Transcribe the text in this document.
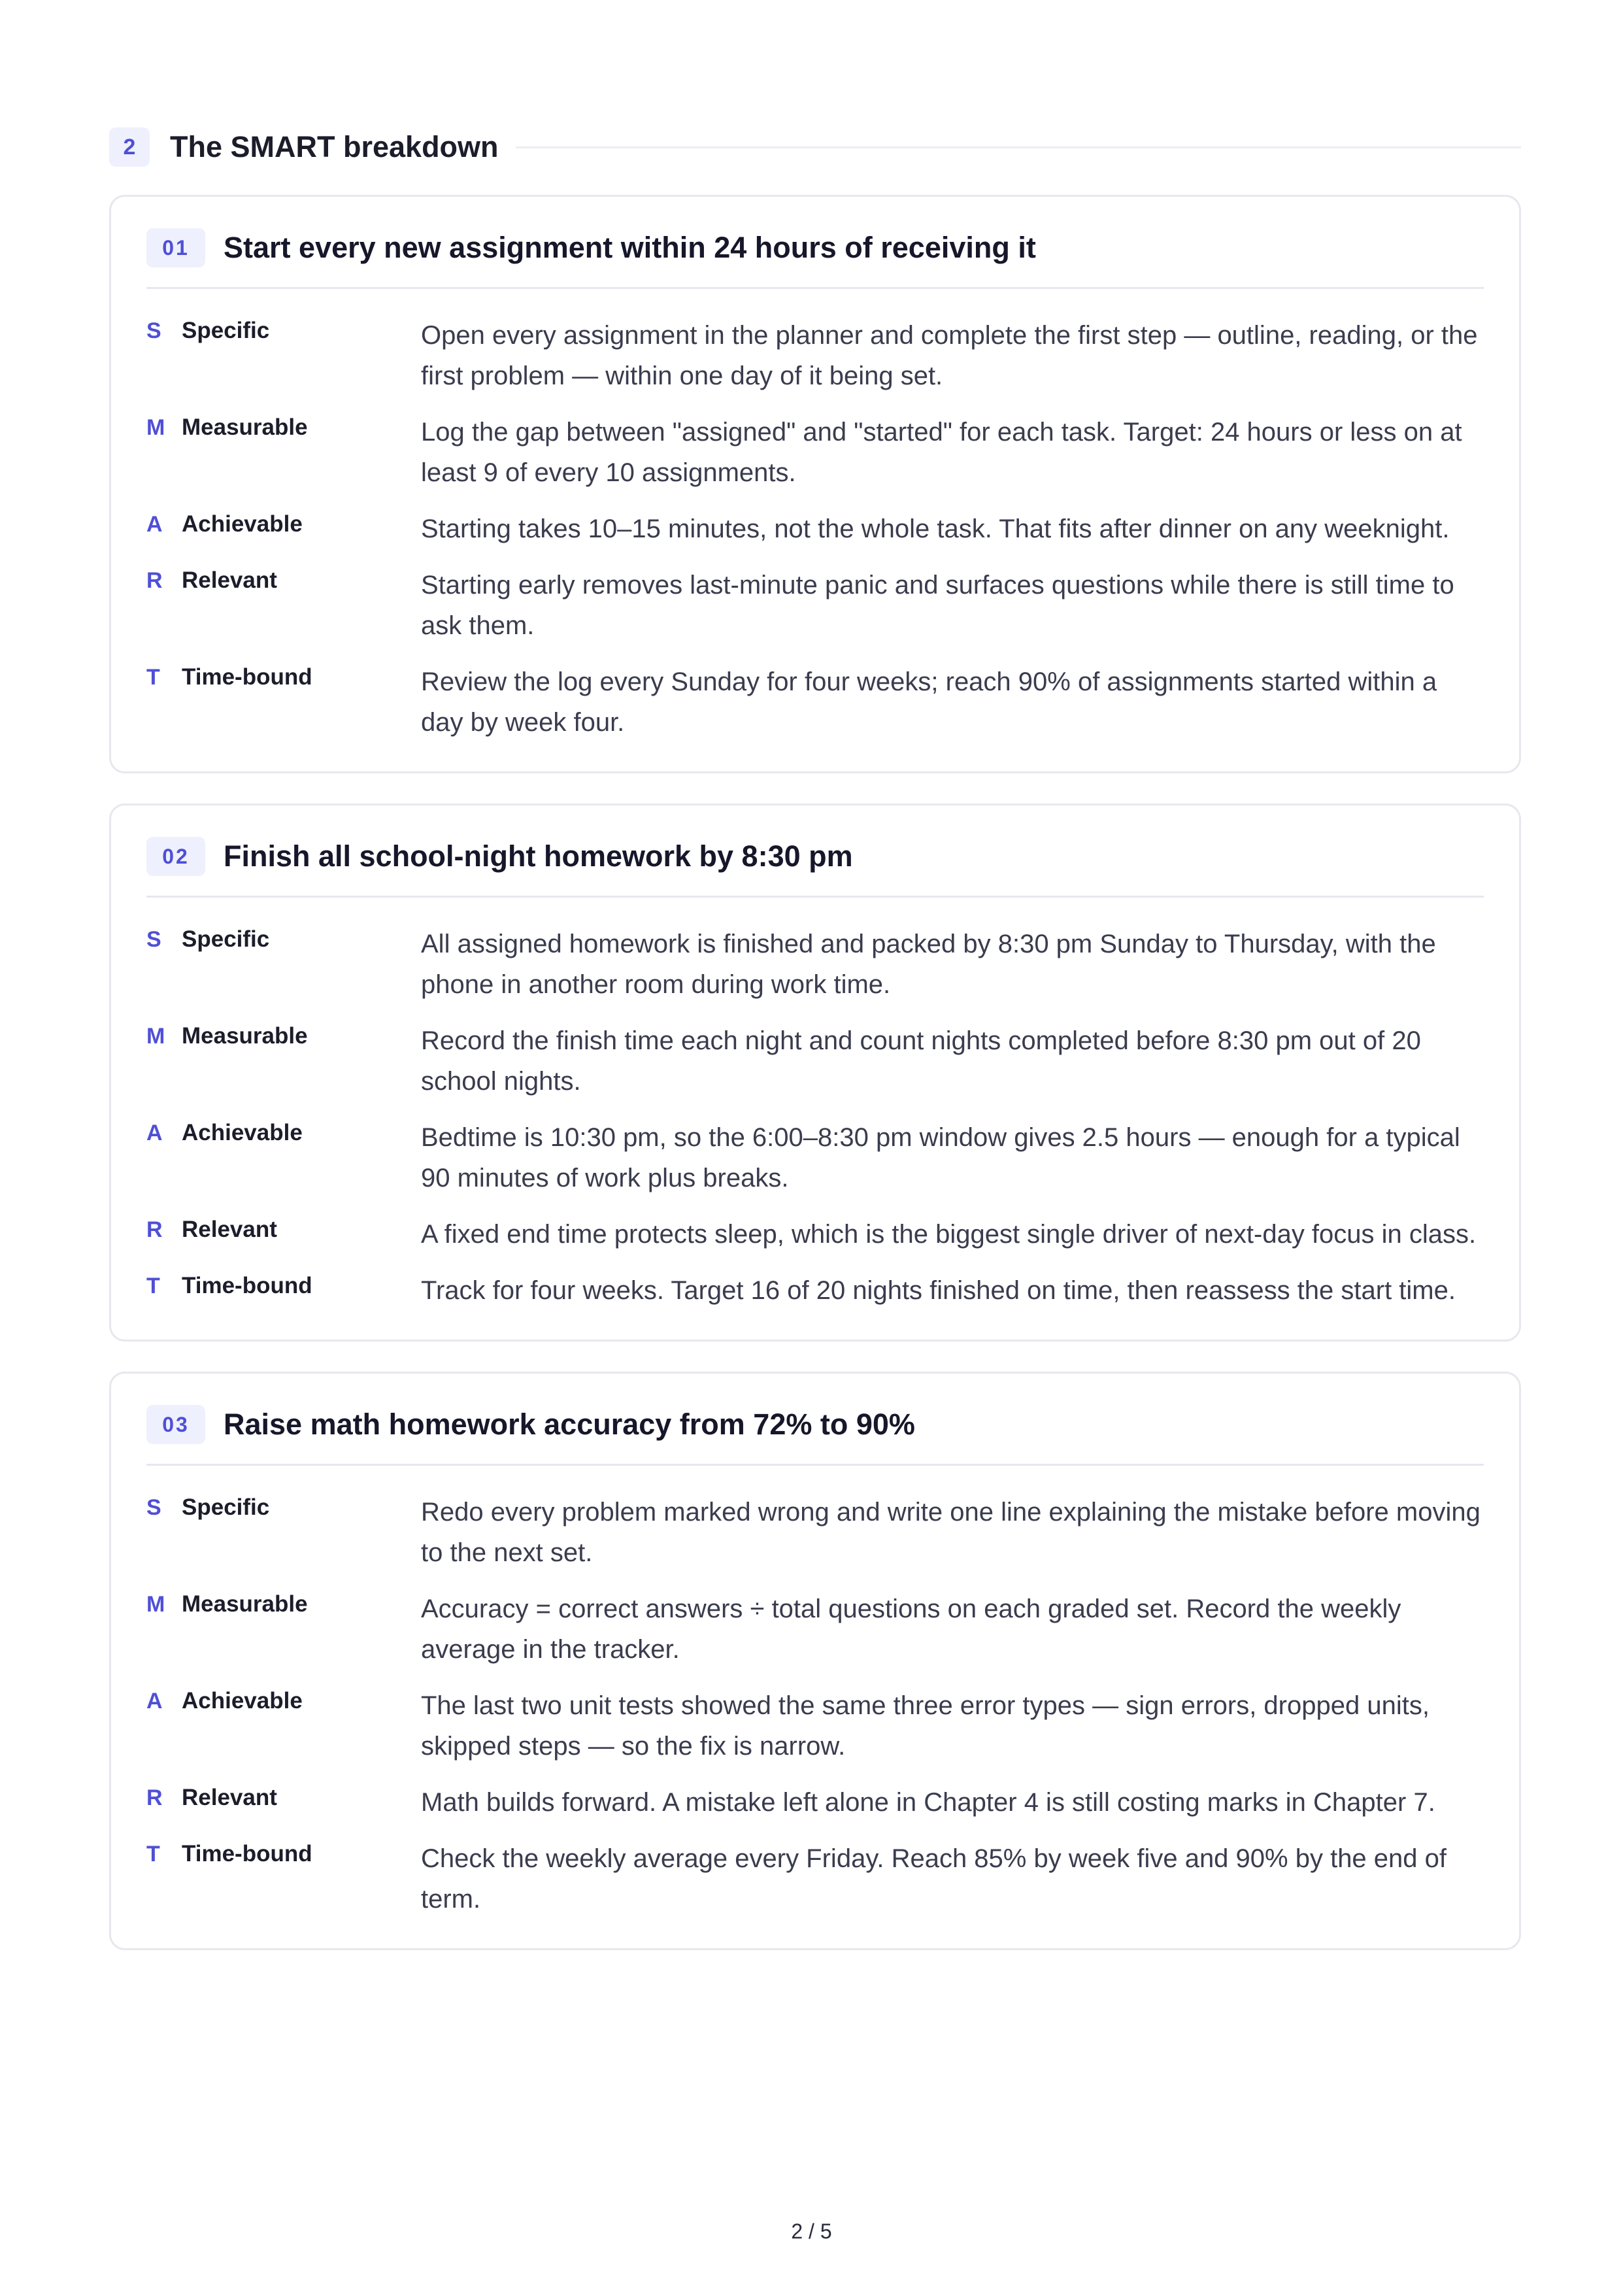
2	The SMART breakdown
01	Start every new assignment within 24 hours of receiving it
S Specific	Open every assignment in the planner and complete the first step — outline, reading, or the first problem — within one day of it being set.
M Measurable	Log the gap between "assigned" and "started" for each task. Target: 24 hours or less on at least 9 of every 10 assignments.
A Achievable	Starting takes 10–15 minutes, not the whole task. That fits after dinner on any weeknight.
R Relevant	Starting early removes last-minute panic and surfaces questions while there is still time to ask them.
T Time-bound	Review the log every Sunday for four weeks; reach 90% of assignments started within a day by week four.
02	Finish all school-night homework by 8:30 pm
S Specific	All assigned homework is finished and packed by 8:30 pm Sunday to Thursday, with the phone in another room during work time.
M Measurable	Record the finish time each night and count nights completed before 8:30 pm out of 20 school nights.
A Achievable	Bedtime is 10:30 pm, so the 6:00–8:30 pm window gives 2.5 hours — enough for a typical 90 minutes of work plus breaks.
R Relevant	A fixed end time protects sleep, which is the biggest single driver of next-day focus in class.
T Time-bound	Track for four weeks. Target 16 of 20 nights finished on time, then reassess the start time.
03	Raise math homework accuracy from 72% to 90%
S Specific	Redo every problem marked wrong and write one line explaining the mistake before moving to the next set.
M Measurable	Accuracy = correct answers ÷ total questions on each graded set. Record the weekly average in the tracker.
A Achievable	The last two unit tests showed the same three error types — sign errors, dropped units, skipped steps — so the fix is narrow.
R Relevant	Math builds forward. A mistake left alone in Chapter 4 is still costing marks in Chapter 7.
T Time-bound	Check the weekly average every Friday. Reach 85% by week five and 90% by the end of term.
2 / 5
